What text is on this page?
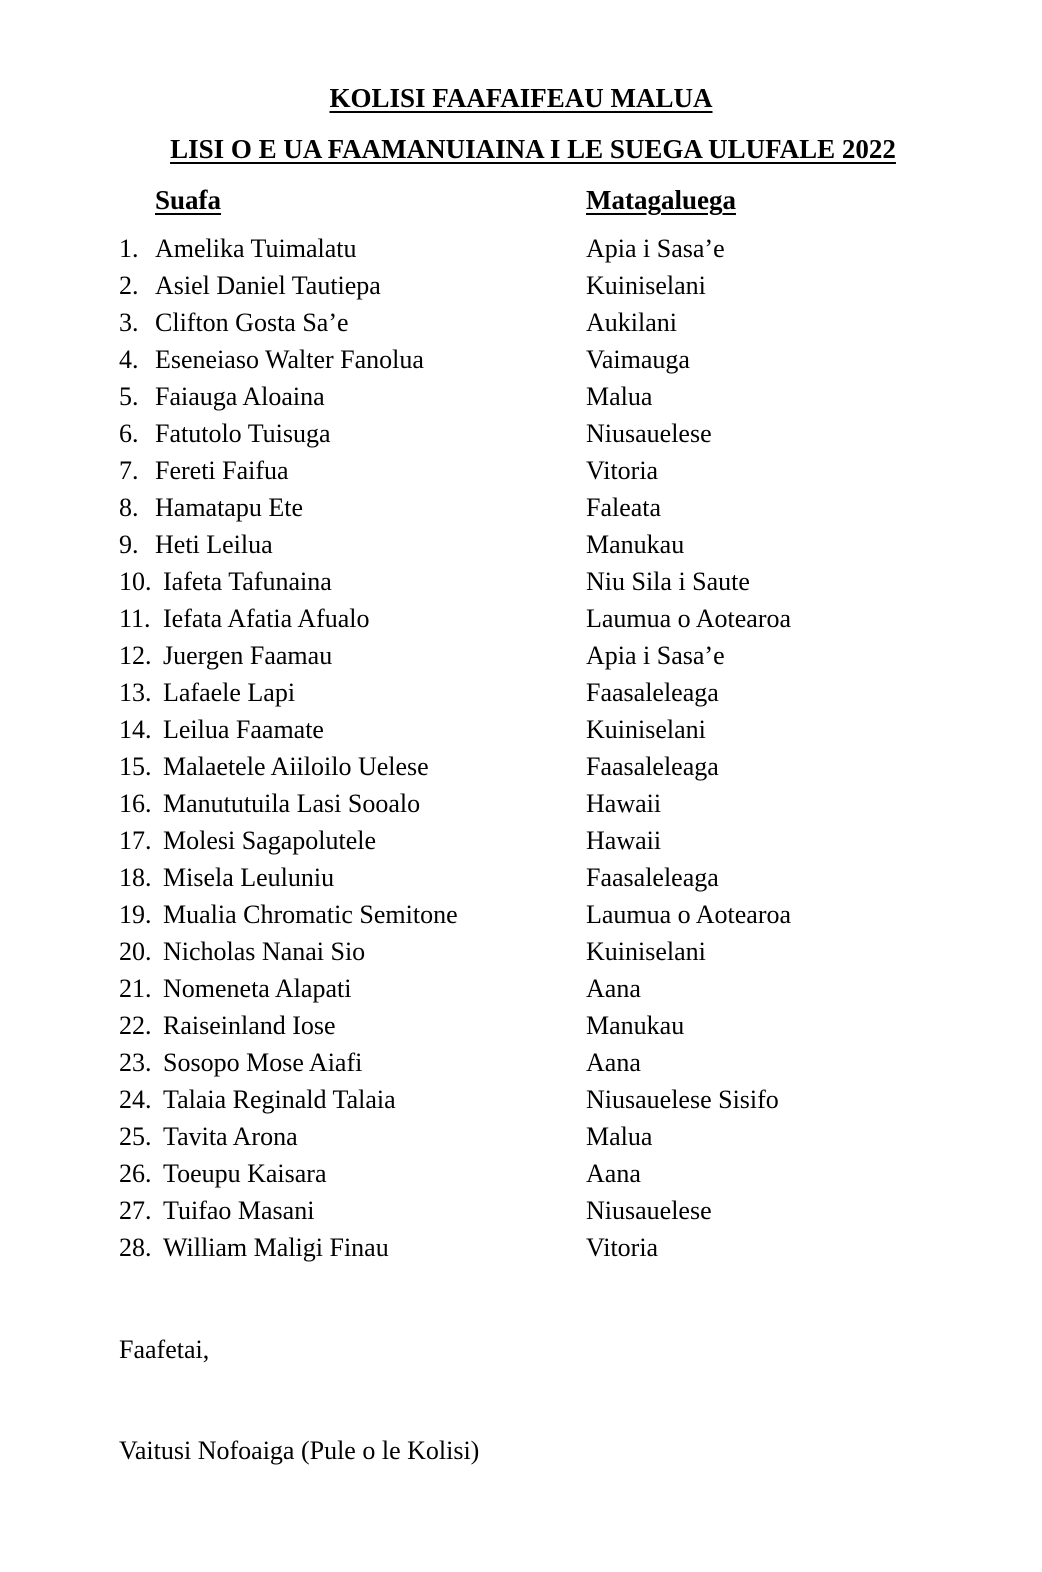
KOLISI FAAFAIFEAU MALUA
LISI O E UA FAAMANUIAINA I LE SUEGA ULUFALE 2022
Suafa	Matagaluega
1. Amelika Tuimalatu	Apia i Sasa’e
2. Asiel Daniel Tautiepa	Kuiniselani
3. Clifton Gosta Sa’e	Aukilani
4. Eseneiaso Walter Fanolua	Vaimauga
5. Faiauga Aloaina	Malua
6. Fatutolo Tuisuga	Niusauelese
7. Fereti Faifua	Vitoria
8. Hamatapu Ete	Faleata
9. Heti Leilua	Manukau
10. Iafeta Tafunaina	Niu Sila i Saute
11. Iefata Afatia Afualo	Laumua o Aotearoa
12. Juergen Faamau	Apia i Sasa’e
13. Lafaele Lapi	Faasaleleaga
14. Leilua Faamate	Kuiniselani
15. Malaetele Aiiloilo Uelese	Faasaleleaga
16. Manututuila Lasi Sooalo	Hawaii
17. Molesi Sagapolutele	Hawaii
18. Misela Leuluniu	Faasaleleaga
19. Mualia Chromatic Semitone	Laumua o Aotearoa
20. Nicholas Nanai Sio	Kuiniselani
21. Nomeneta Alapati	Aana
22. Raiseinland Iose	Manukau
23. Sosopo Mose Aiafi	Aana
24. Talaia Reginald Talaia	Niusauelese Sisifo
25. Tavita Arona	Malua
26. Toeupu Kaisara	Aana
27. Tuifao Masani	Niusauelese
28. William Maligi Finau	Vitoria
Faafetai,
Vaitusi Nofoaiga (Pule o le Kolisi)
